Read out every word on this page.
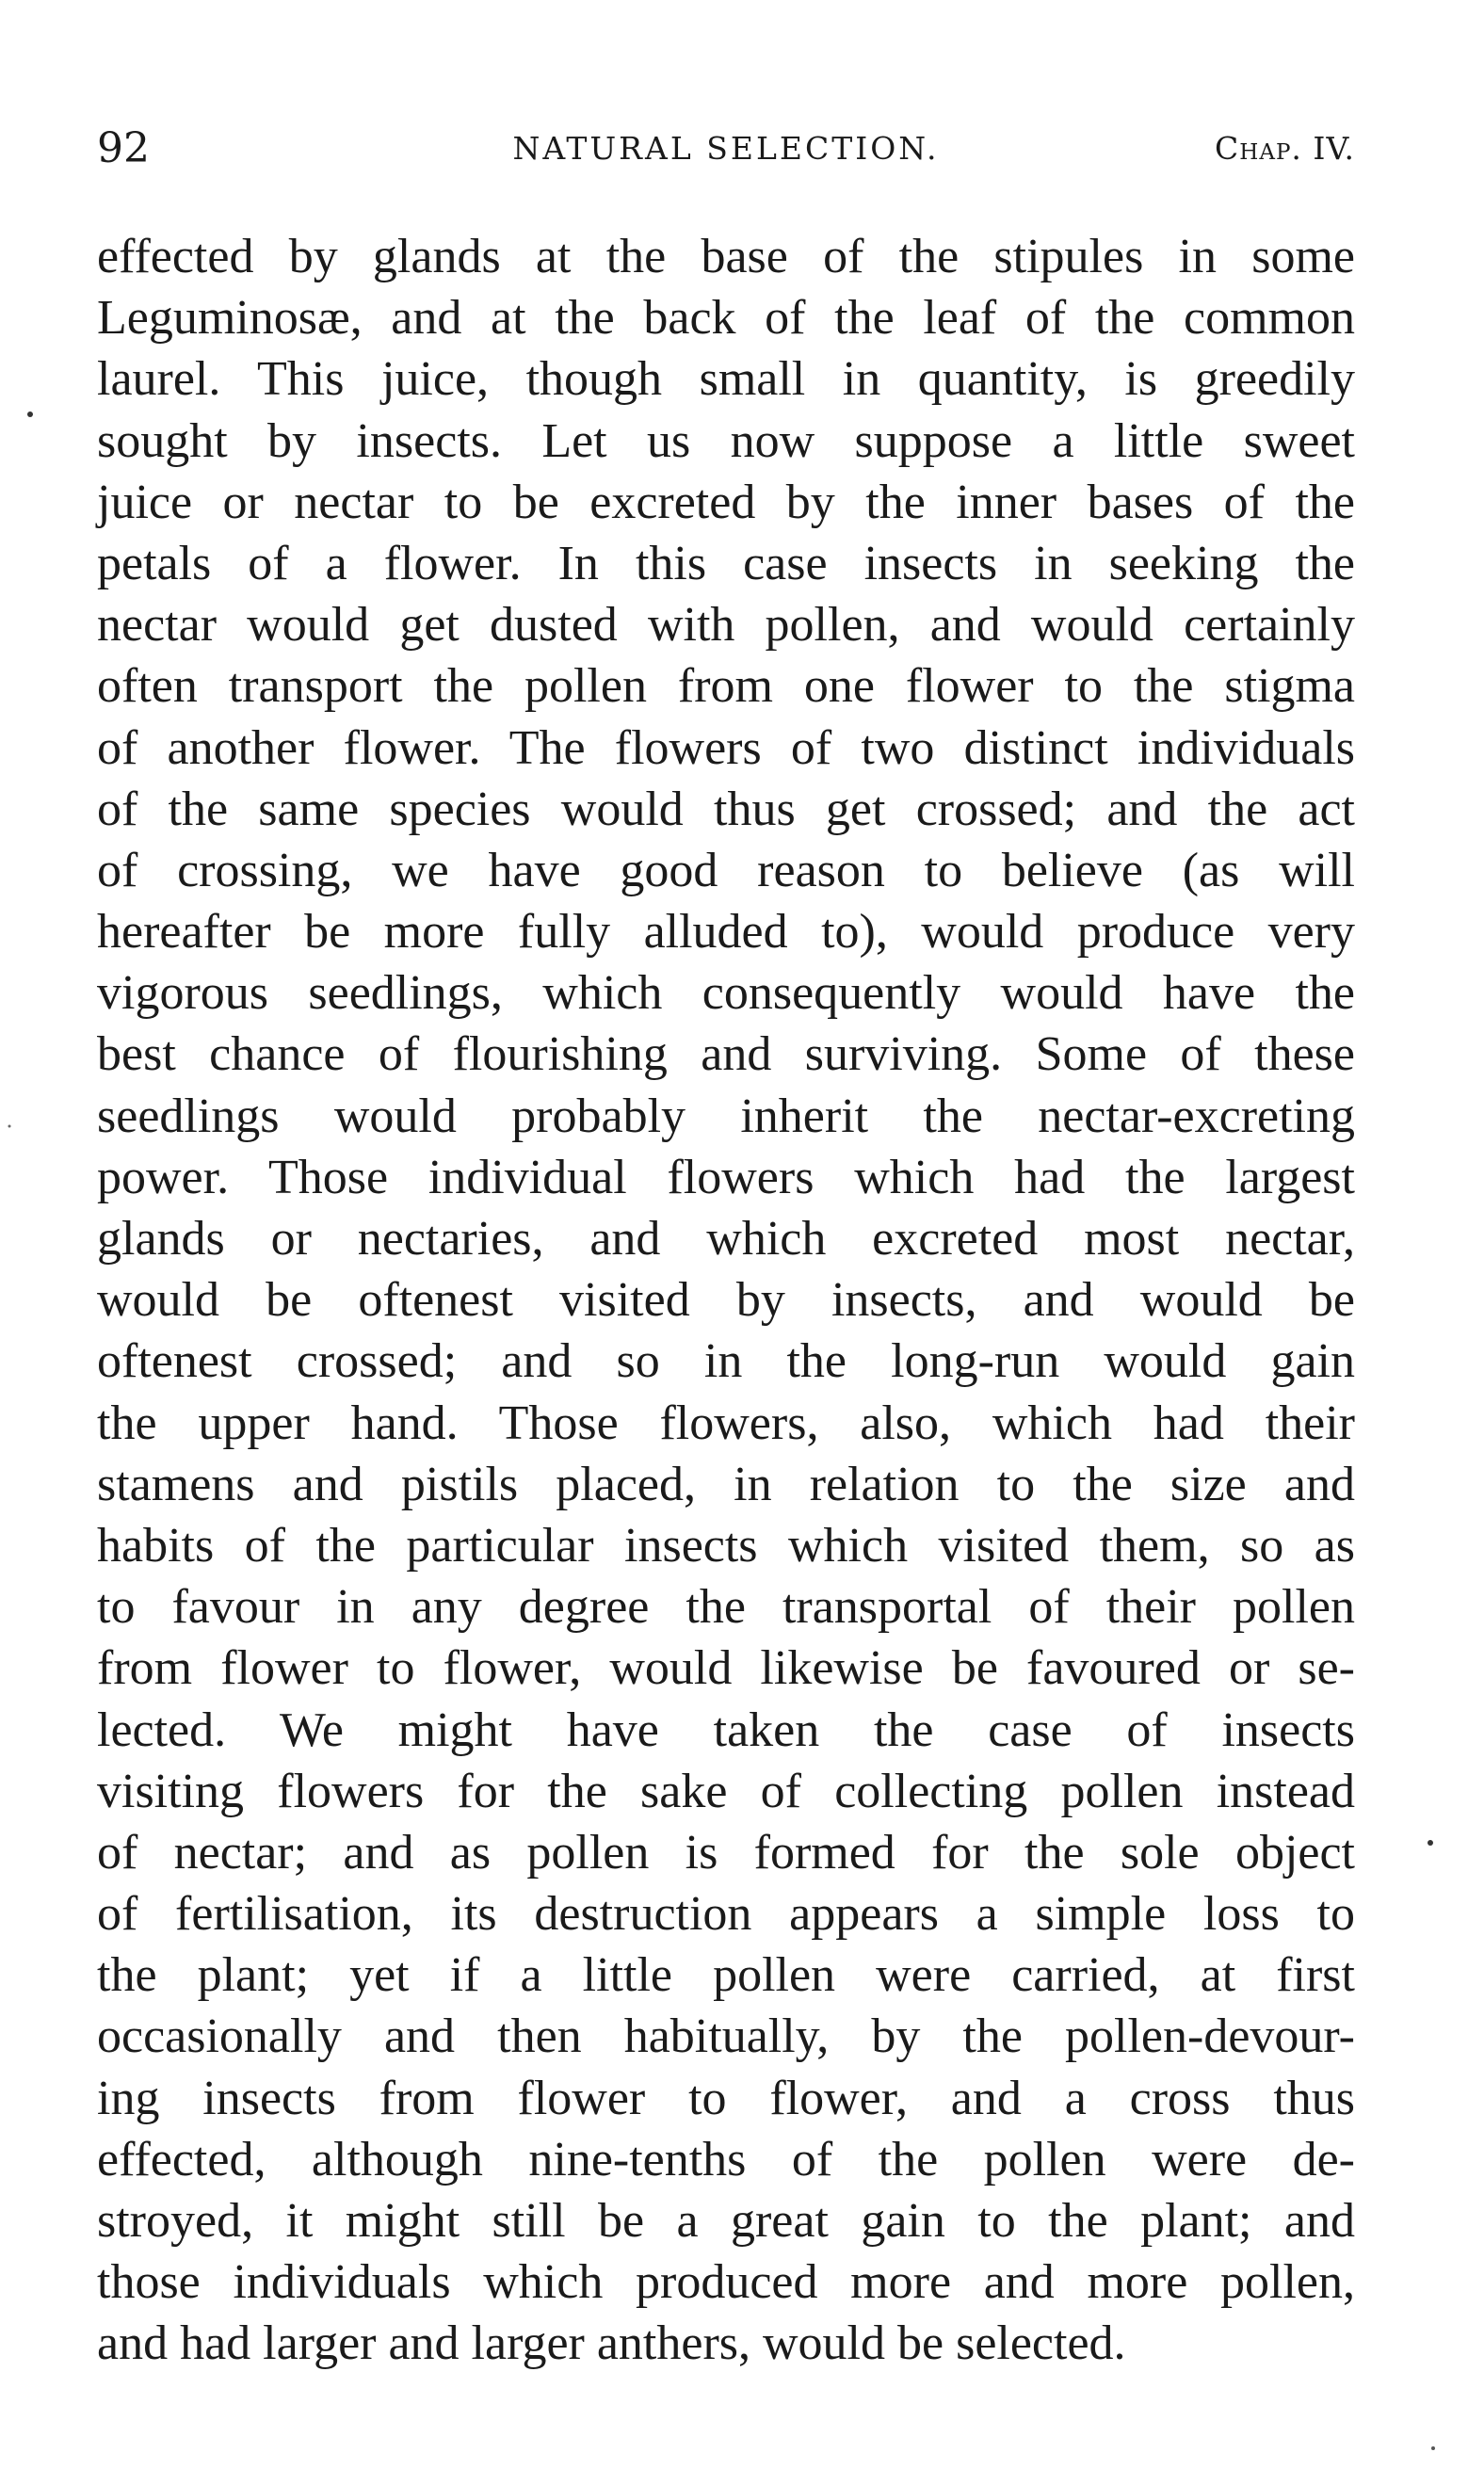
92	NATURAL SELECTION.	Chap. IV.
effected by glands at the base of the stipules in some
Leguminosæ, and at the back of the leaf of the common
laurel. This juice, though small in quantity, is greedily
sought by insects. Let us now suppose a little sweet
juice or nectar to be excreted by the inner bases of the
petals of a flower. In this case insects in seeking the
nectar would get dusted with pollen, and would certainly
often transport the pollen from one flower to the stigma
of another flower. The flowers of two distinct individuals
of the same species would thus get crossed; and the act
of crossing, we have good reason to believe (as will
hereafter be more fully alluded to), would produce very
vigorous seedlings, which consequently would have the
best chance of flourishing and surviving. Some of these
seedlings would probably inherit the nectar-excreting
power. Those individual flowers which had the largest
glands or nectaries, and which excreted most nectar,
would be oftenest visited by insects, and would be
oftenest crossed; and so in the long-run would gain
the upper hand. Those flowers, also, which had their
stamens and pistils placed, in relation to the size and
habits of the particular insects which visited them, so as
to favour in any degree the transportal of their pollen
from flower to flower, would likewise be favoured or se-
lected. We might have taken the case of insects
visiting flowers for the sake of collecting pollen instead
of nectar; and as pollen is formed for the sole object
of fertilisation, its destruction appears a simple loss to
the plant; yet if a little pollen were carried, at first
occasionally and then habitually, by the pollen-devour-
ing insects from flower to flower, and a cross thus
effected, although nine-tenths of the pollen were de-
stroyed, it might still be a great gain to the plant; and
those individuals which produced more and more pollen,
and had larger and larger anthers, would be selected.
